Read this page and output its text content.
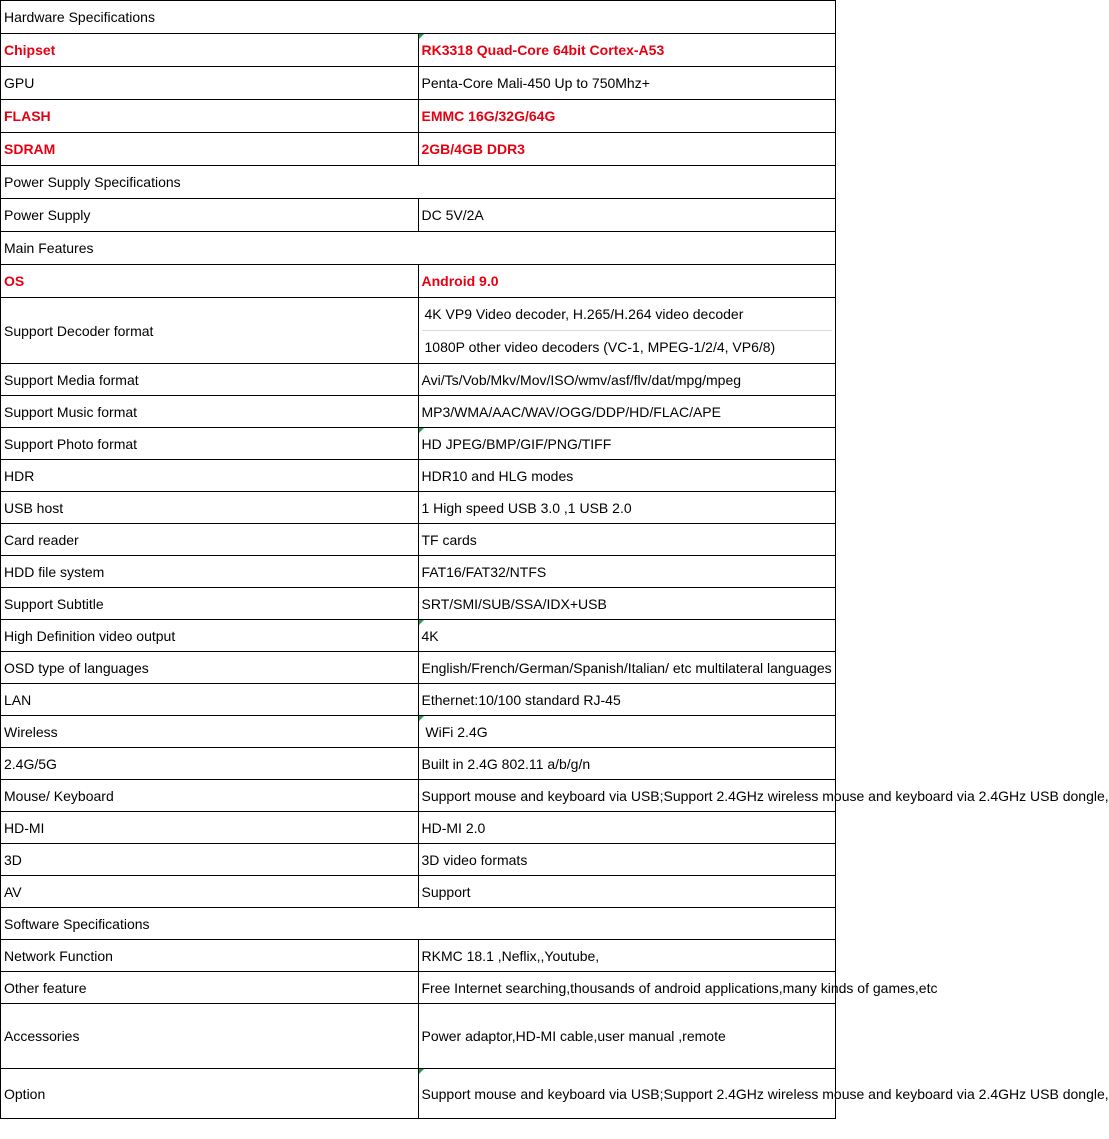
Hardware Specifications	
Chipset	RK3318 Quad-Core 64bit Cortex-A53
GPU	Penta-Core Mali-450 Up to 750Mhz+
FLASH	EMMC 16G/32G/64G
SDRAM	2GB/4GB DDR3
Power Supply Specifications	
Power Supply	DC 5V/2A
Main Features	
OS	Android 9.0
Support Decoder format	4K VP9 Video decoder, H.265/H.264 video decoder
1080P other video decoders (VC-1, MPEG-1/2/4, VP6/8)

Support Media format	Avi/Ts/Vob/Mkv/Mov/ISO/wmv/asf/flv/dat/mpg/mpeg
Support Music format	MP3/WMA/AAC/WAV/OGG/DDP/HD/FLAC/APE
Support Photo format	HD JPEG/BMP/GIF/PNG/TIFF
HDR	HDR10 and HLG modes
USB host	1 High speed USB 3.0 ,1 USB 2.0
Card reader	TF cards
HDD file system	FAT16/FAT32/NTFS
Support Subtitle	SRT/SMI/SUB/SSA/IDX+USB
High Definition video output	4K
OSD type of languages	English/French/German/Spanish/Italian/ etc multilateral languages
LAN	Ethernet:10/100 standard RJ-45
Wireless	WiFi 2.4G
2.4G/5G	Built in 2.4G 802.11 a/b/g/n
Mouse/ Keyboard	Support mouse and keyboard via USB;Support 2.4GHz wireless mouse and keyboard via 2.4GHz USB dongle,
HD-MI	HD-MI 2.0
3D	3D video formats
AV	Support
Software Specifications	
Network Function	RKMC 18.1 ,Neflix,,Youtube,
Other feature	Free Internet searching,thousands of android applications,many kinds of games,etc
Accessories	Power adaptor,HD-MI cable,user manual ,remote
Option	Support mouse and keyboard via USB;Support 2.4GHz wireless mouse and keyboard via 2.4GHz USB dongle,
